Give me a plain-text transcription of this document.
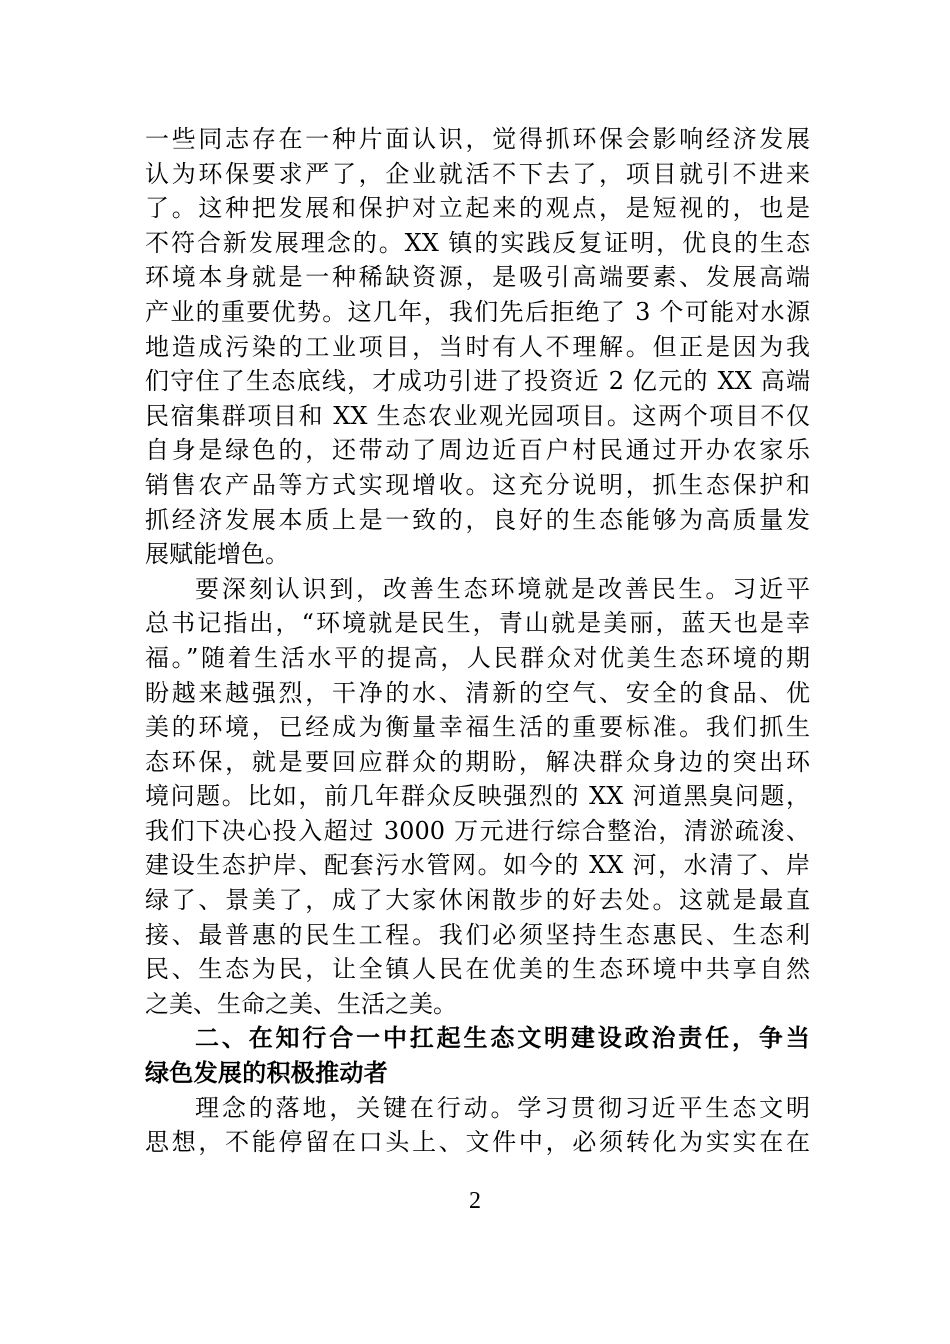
一些同志存在一种片面认识，觉得抓环保会影响经济发展
认为环保要求严了，企业就活不下去了，项目就引不进来
了。这种把发展和保护对立起来的观点，是短视的，也是
不符合新发展理念的。XX 镇的实践反复证明，优良的生态
环境本身就是一种稀缺资源，是吸引高端要素、发展高端
产业的重要优势。这几年，我们先后拒绝了 3 个可能对水源
地造成污染的工业项目，当时有人不理解。但正是因为我
们守住了生态底线，才成功引进了投资近 2 亿元的 XX 高端
民宿集群项目和 XX 生态农业观光园项目。这两个项目不仅
自身是绿色的，还带动了周边近百户村民通过开办农家乐
销售农产品等方式实现增收。这充分说明，抓生态保护和
抓经济发展本质上是一致的，良好的生态能够为高质量发
展赋能增色。
要深刻认识到，改善生态环境就是改善民生。习近平
总书记指出，“环境就是民生，青山就是美丽，蓝天也是幸
福。”随着生活水平的提高，人民群众对优美生态环境的期
盼越来越强烈，干净的水、清新的空气、安全的食品、优
美的环境，已经成为衡量幸福生活的重要标准。我们抓生
态环保，就是要回应群众的期盼，解决群众身边的突出环
境问题。比如，前几年群众反映强烈的 XX 河道黑臭问题，
我们下决心投入超过 3000 万元进行综合整治，清淤疏浚、
建设生态护岸、配套污水管网。如今的 XX 河，水清了、岸
绿了、景美了，成了大家休闲散步的好去处。这就是最直
接、最普惠的民生工程。我们必须坚持生态惠民、生态利
民、生态为民，让全镇人民在优美的生态环境中共享自然
之美、生命之美、生活之美。
二、在知行合一中扛起生态文明建设政治责任，争当
绿色发展的积极推动者
理念的落地，关键在行动。学习贯彻习近平生态文明
思想，不能停留在口头上、文件中，必须转化为实实在在
2
